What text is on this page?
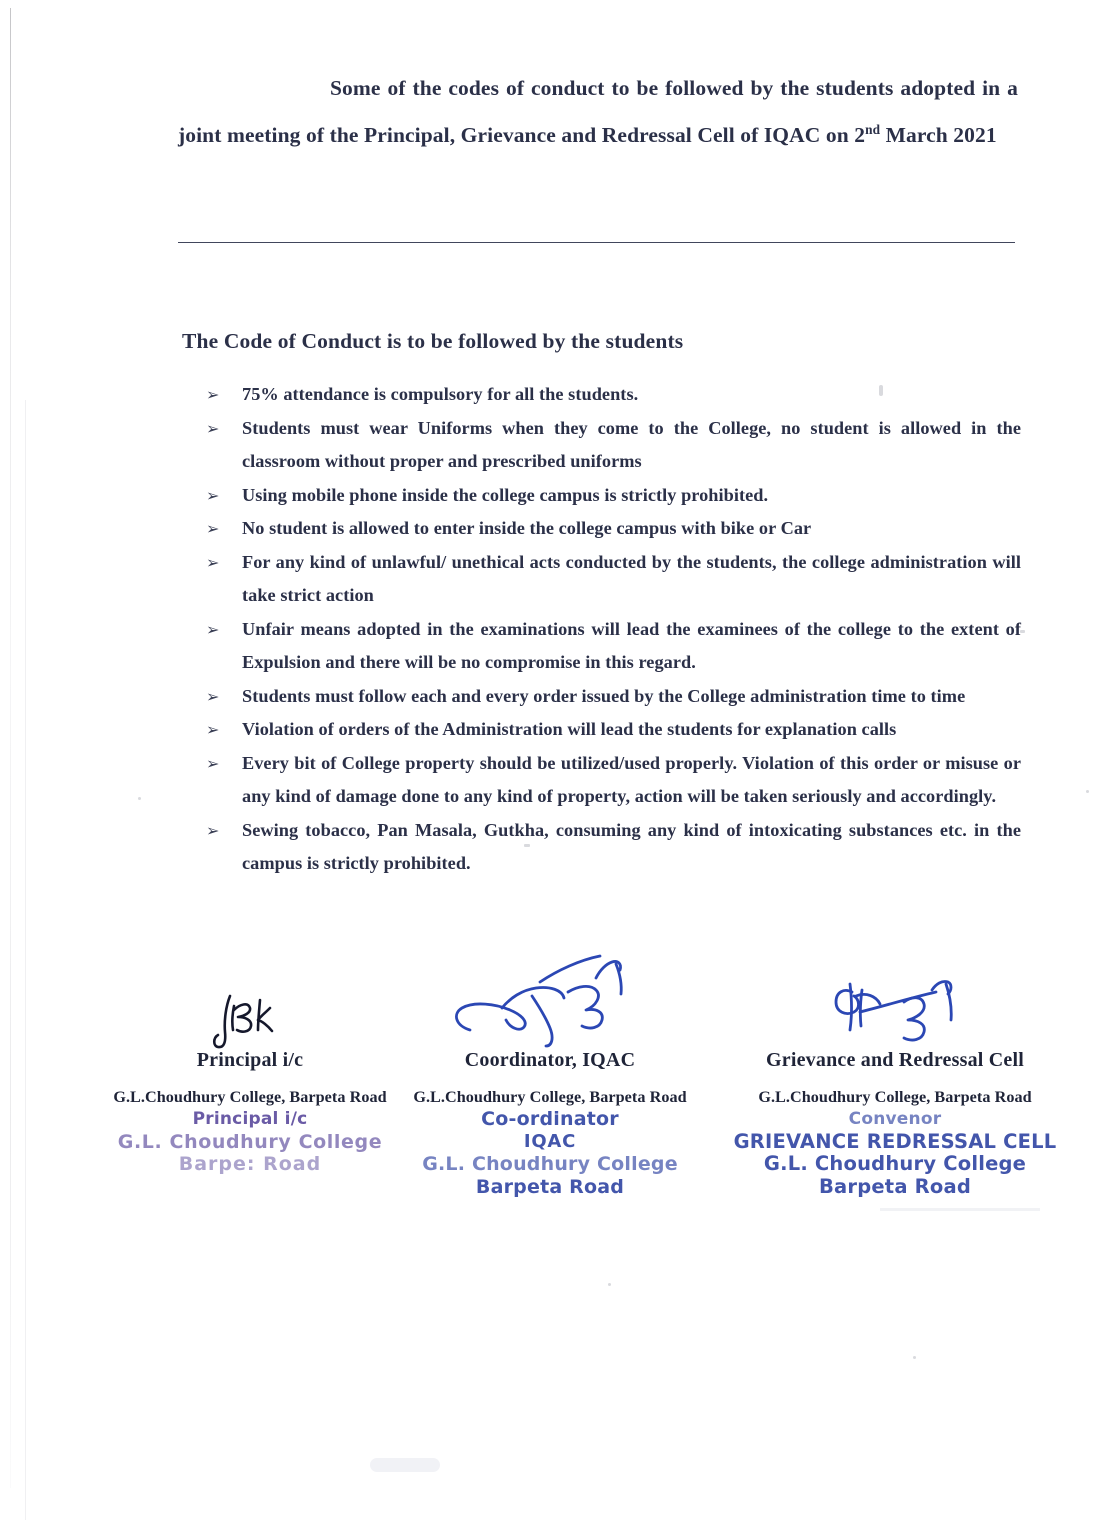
Some of the codes of conduct to be followed by the students adopted in a joint meeting of the Principal, Grievance and Redressal Cell of IQAC on 2nd March 2021
The Code of Conduct is to be followed by the students
➢ 75% attendance is compulsory for all the students.
➢ Students must wear Uniforms when they come to the College, no student is allowed in the classroom without proper and prescribed uniforms
➢ Using mobile phone inside the college campus is strictly prohibited.
➢ No student is allowed to enter inside the college campus with bike or Car
➢ For any kind of unlawful/ unethical acts conducted by the students, the college administration will take strict action
➢ Unfair means adopted in the examinations will lead the examinees of the college to the extent of Expulsion and there will be no compromise in this regard.
➢ Students must follow each and every order issued by the College administration time to time
➢ Violation of orders of the Administration will lead the students for explanation calls
➢ Every bit of College property should be utilized/used properly. Violation of this order or misuse or any kind of damage done to any kind of property, action will be taken seriously and accordingly.
➢ Sewing tobacco, Pan Masala, Gutkha, consuming any kind of intoxicating substances etc. in the campus is strictly prohibited.
Principal i/c
G.L.Choudhury College, Barpeta Road
Principal i/c
G.L. Choudhury College
Barpe: Road
Coordinator, IQAC
G.L.Choudhury College, Barpeta Road
Co-ordinator
IQAC
G.L. Choudhury College
Barpeta Road
Grievance and Redressal Cell
G.L.Choudhury College, Barpeta Road
Convenor
GRIEVANCE REDRESSAL CELL
G.L. Choudhury College
Barpeta Road
